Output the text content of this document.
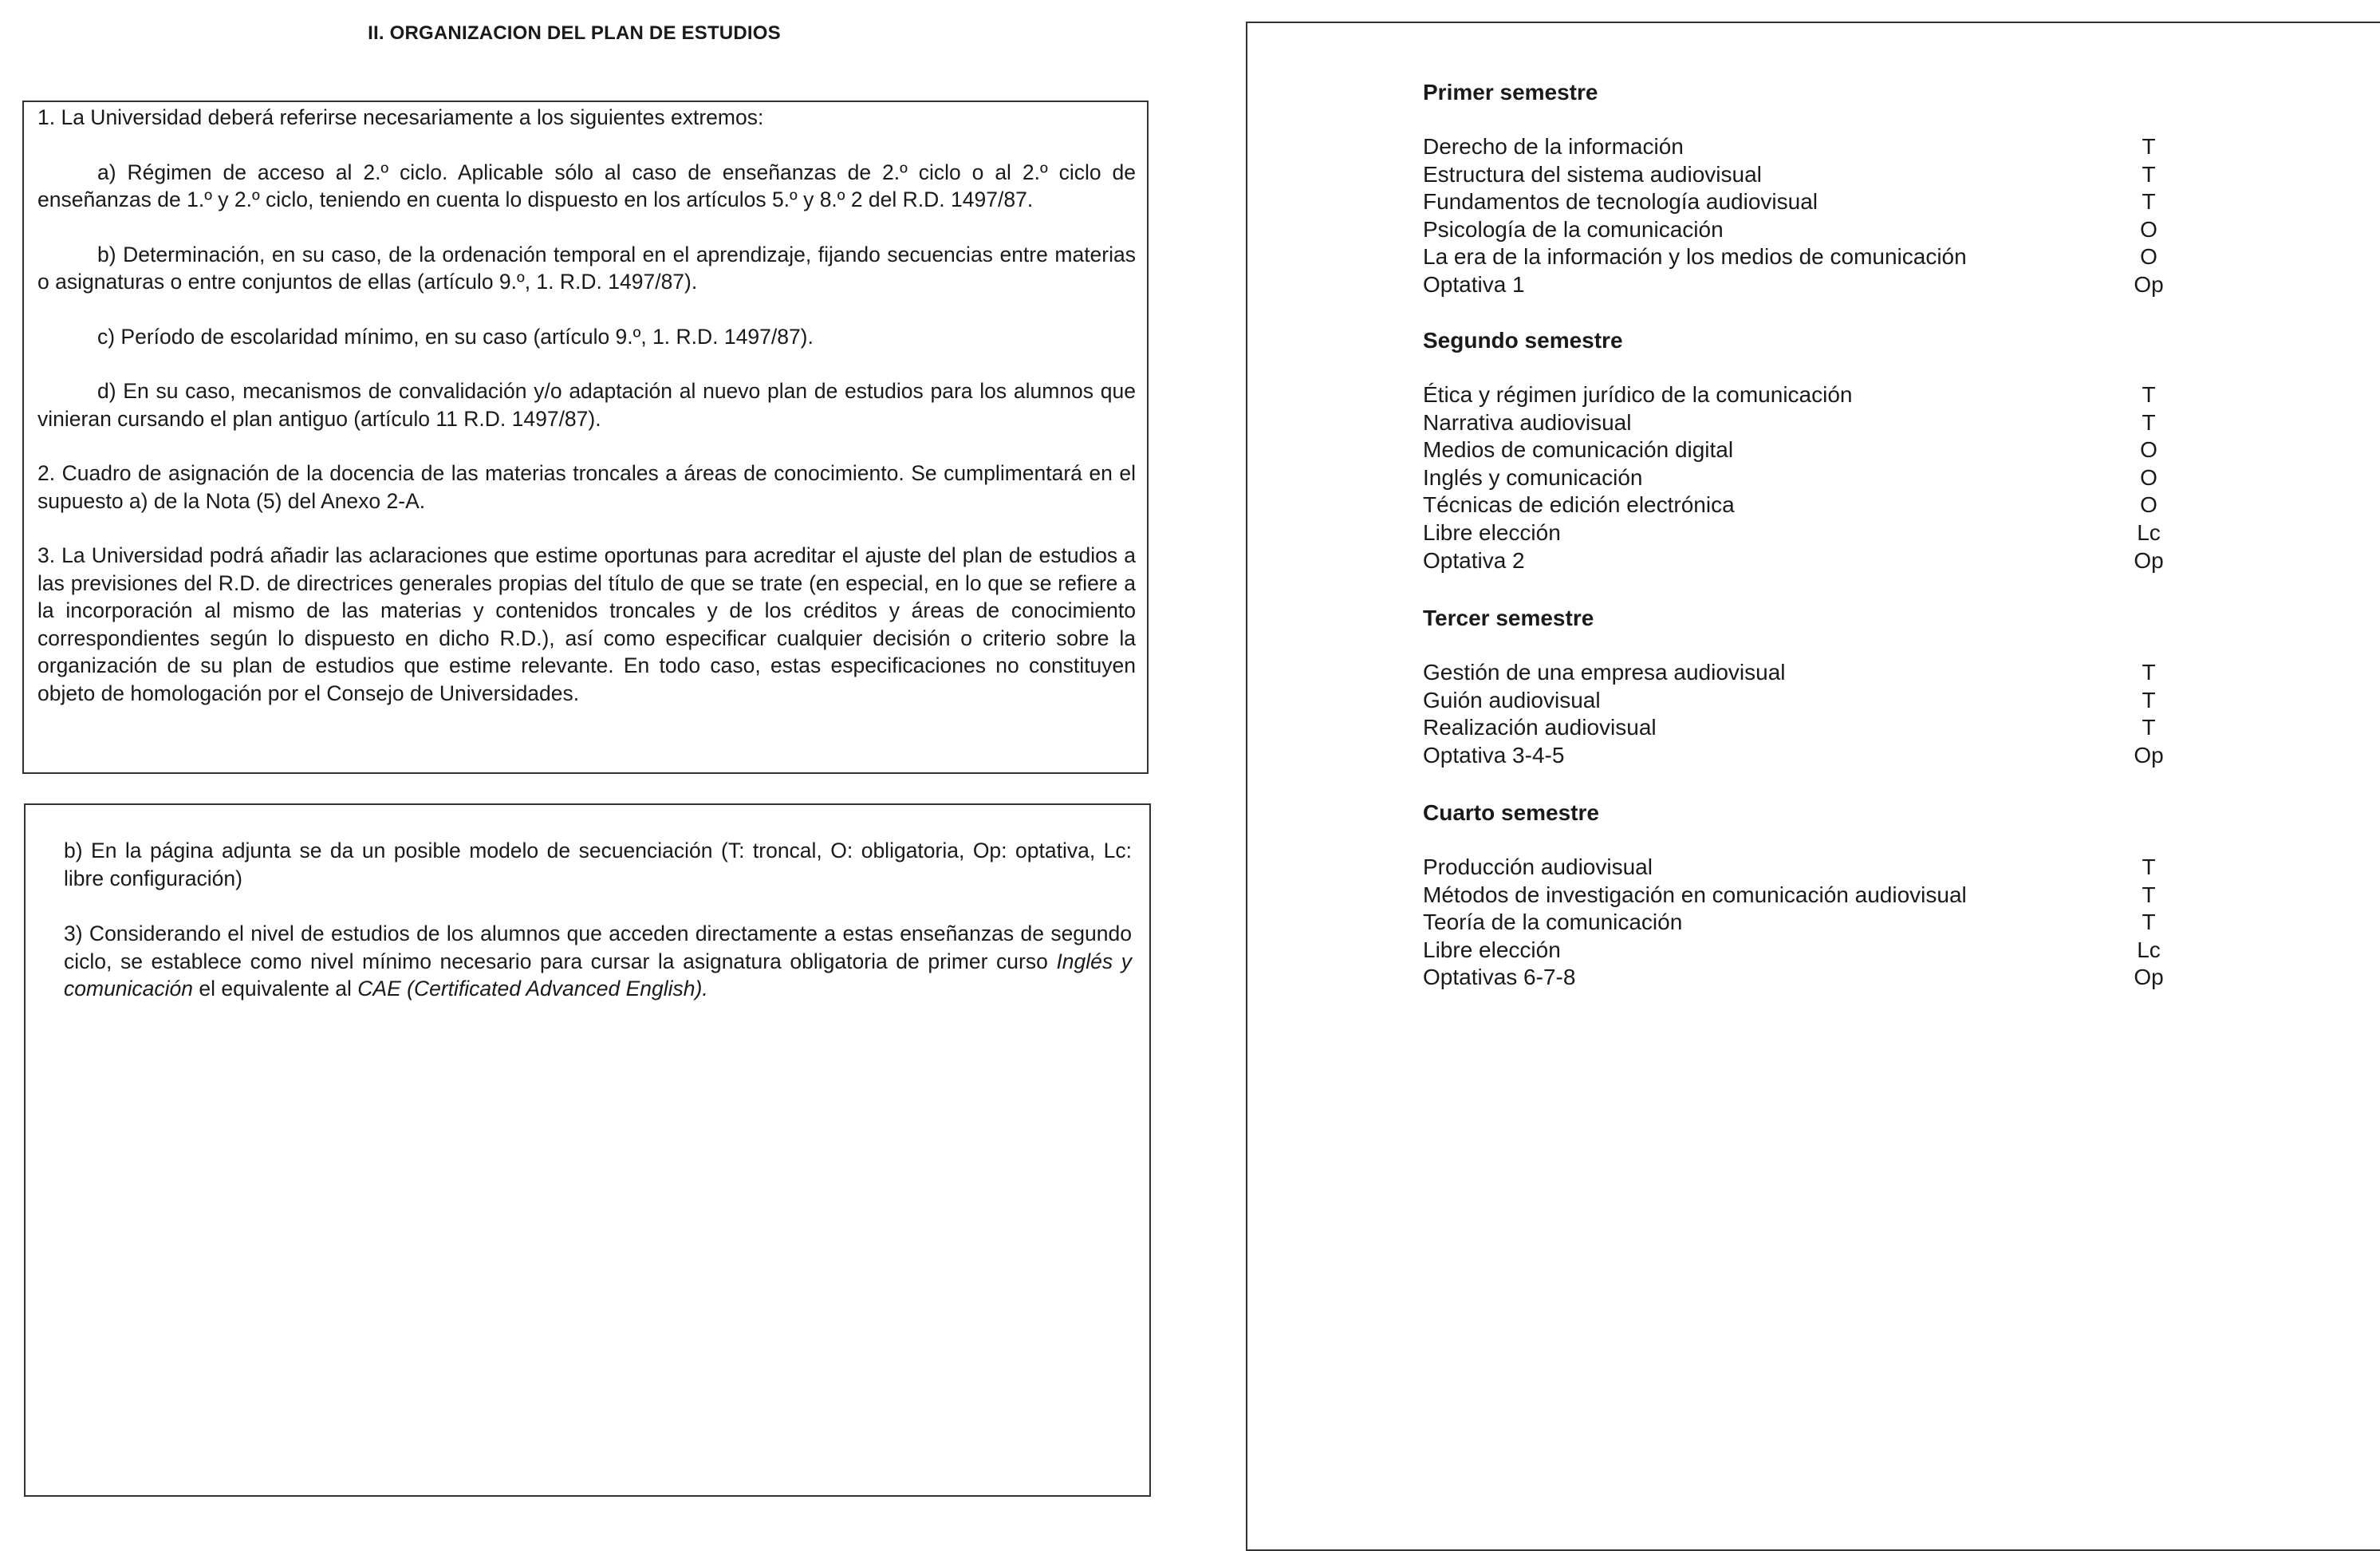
II. ORGANIZACION DEL PLAN DE ESTUDIOS

1. La Universidad deberá referirse necesariamente a los siguientes extremos:

a) Régimen de acceso al 2.º ciclo. Aplicable sólo al caso de enseñanzas de 2.º ciclo o al 2.º ciclo de enseñanzas de 1.º y 2.º ciclo, teniendo en cuenta lo dispuesto en los artículos 5.º y 8.º 2 del R.D. 1497/87.

b) Determinación, en su caso, de la ordenación temporal en el aprendizaje, fijando secuencias entre materias o asignaturas o entre conjuntos de ellas (artículo 9.º, 1. R.D. 1497/87).

c) Período de escolaridad mínimo, en su caso (artículo 9.º, 1. R.D. 1497/87).

d) En su caso, mecanismos de convalidación y/o adaptación al nuevo plan de estudios para los alumnos que vinieran cursando el plan antiguo (artículo 11 R.D. 1497/87).

2. Cuadro de asignación de la docencia de las materias troncales a áreas de conocimiento. Se cumplimentará en el supuesto a) de la Nota (5) del Anexo 2-A.

3. La Universidad podrá añadir las aclaraciones que estime oportunas para acreditar el ajuste del plan de estudios a las previsiones del R.D. de directrices generales propias del título de que se trate (en especial, en lo que se refiere a la incorporación al mismo de las materias y contenidos troncales y de los créditos y áreas de conocimiento correspondientes según lo dispuesto en dicho R.D.), así como especificar cualquier decisión o criterio sobre la organización de su plan de estudios que estime relevante. En todo caso, estas especificaciones no constituyen objeto de homologación por el Consejo de Universidades.

b) En la página adjunta se da un posible modelo de secuenciación (T: troncal, O: obligatoria, Op: optativa, Lc: libre configuración)

3) Considerando el nivel de estudios de los alumnos que acceden directamente a estas enseñanzas de segundo ciclo, se establece como nivel mínimo necesario para cursar la asignatura obligatoria de primer curso Inglés y comunicación el equivalente al CAE (Certificated Advanced English).

Primer semestre
Derecho de la información	T
Estructura del sistema audiovisual	T
Fundamentos de tecnología audiovisual	T
Psicología de la comunicación	O
La era de la información y los medios de comunicación	O
Optativa 1	Op
Segundo semestre
Ética y régimen jurídico de la comunicación	T
Narrativa audiovisual	T
Medios de comunicación digital	O
Inglés y comunicación	O
Técnicas de edición electrónica	O
Libre elección	Lc
Optativa 2	Op
Tercer semestre
Gestión de una empresa audiovisual	T
Guión audiovisual	T
Realización audiovisual	T
Optativa 3-4-5	Op
Cuarto semestre
Producción audiovisual	T
Métodos de investigación en comunicación audiovisual	T
Teoría de la comunicación	T
Libre elección	Lc
Optativas 6-7-8	Op
